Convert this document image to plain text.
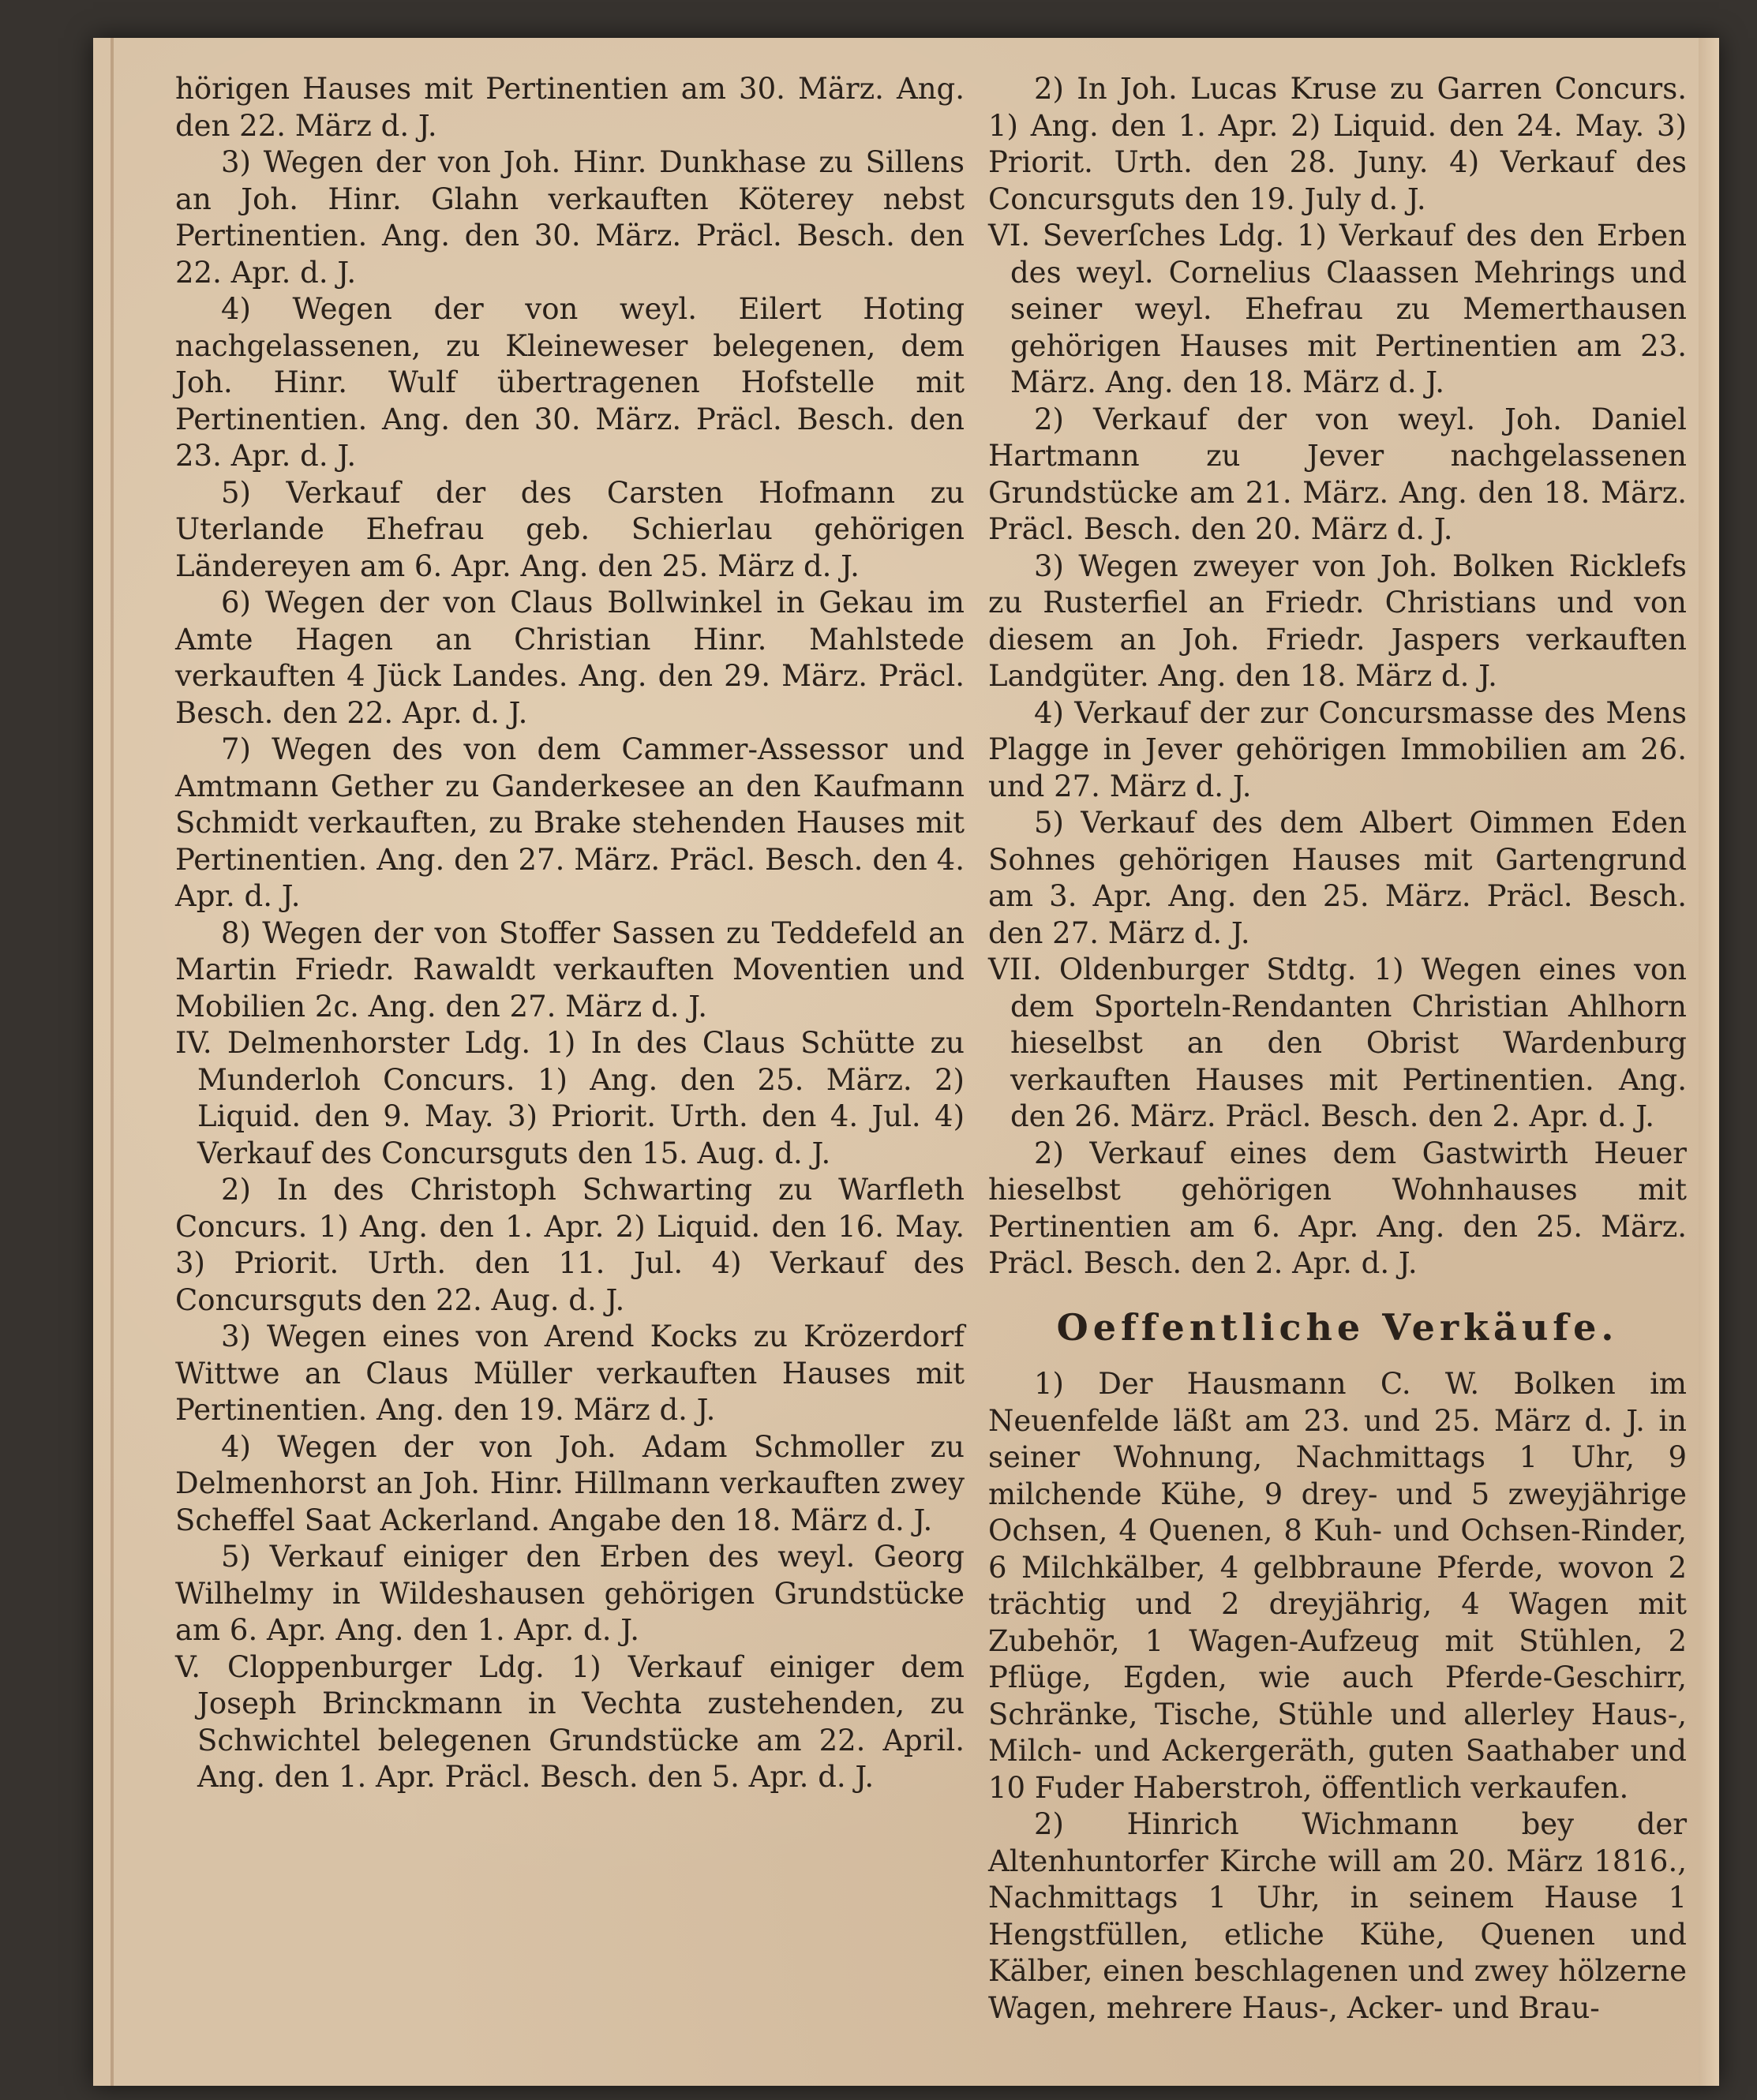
hörigen Hauses mit Pertinentien am 30. März. Ang. den 22. März d. J.

3) Wegen der von Joh. Hinr. Dunkhase zu Sillens an Joh. Hinr. Glahn verkauften Köterey nebst Pertinentien. Ang. den 30. März. Präcl. Besch. den 22. Apr. d. J.

4) Wegen der von weyl. Eilert Hoting nachgelassenen, zu Kleineweser belegenen, dem Joh. Hinr. Wulf übertragenen Hofstelle mit Pertinentien. Ang. den 30. März. Präcl. Besch. den 23. Apr. d. J.

5) Verkauf der des Carsten Hofmann zu Uterlande Ehefrau geb. Schierlau gehörigen Ländereyen am 6. Apr. Ang. den 25. März d. J.

6) Wegen der von Claus Bollwinkel in Gekau im Amte Hagen an Christian Hinr. Mahlstede verkauften 4 Jück Landes. Ang. den 29. März. Präcl. Besch. den 22. Apr. d. J.

7) Wegen des von dem Cammer-Assessor und Amtmann Gether zu Ganderkesee an den Kaufmann Schmidt verkauften, zu Brake stehenden Hauses mit Pertinentien. Ang. den 27. März. Präcl. Besch. den 4. Apr. d. J.

8) Wegen der von Stoffer Sassen zu Teddefeld an Martin Friedr. Rawaldt verkauften Moventien und Mobilien 2c. Ang. den 27. März d. J.

IV. Delmenhorster Ldg. 1) In des Claus Schütte zu Munderloh Concurs. 1) Ang. den 25. März. 2) Liquid. den 9. May. 3) Priorit. Urth. den 4. Jul. 4) Verkauf des Concursguts den 15. Aug. d. J.

2) In des Christoph Schwarting zu Warfleth Concurs. 1) Ang. den 1. Apr. 2) Liquid. den 16. May. 3) Priorit. Urth. den 11. Jul. 4) Verkauf des Concursguts den 22. Aug. d. J.

3) Wegen eines von Arend Kocks zu Krözerdorf Wittwe an Claus Müller verkauften Hauses mit Pertinentien. Ang. den 19. März d. J.

4) Wegen der von Joh. Adam Schmoller zu Delmenhorst an Joh. Hinr. Hillmann verkauften zwey Scheffel Saat Ackerland. Angabe den 18. März d. J.

5) Verkauf einiger den Erben des weyl. Georg Wilhelmy in Wildeshausen gehörigen Grundstücke am 6. Apr. Ang. den 1. Apr. d. J.

V. Cloppenburger Ldg. 1) Verkauf einiger dem Joseph Brinckmann in Vechta zustehenden, zu Schwichtel belegenen Grundstücke am 22. April. Ang. den 1. Apr. Präcl. Besch. den 5. Apr. d. J.

2) In Joh. Lucas Kruse zu Garren Concurs. 1) Ang. den 1. Apr. 2) Liquid. den 24. May. 3) Priorit. Urth. den 28. Juny. 4) Verkauf des Concursguts den 19. July d. J.

VI. Severſches Ldg. 1) Verkauf des den Erben des weyl. Cornelius Claassen Mehrings und seiner weyl. Ehefrau zu Memerthausen gehörigen Hauses mit Pertinentien am 23. März. Ang. den 18. März d. J.

2) Verkauf der von weyl. Joh. Daniel Hartmann zu Jever nachgelassenen Grundstücke am 21. März. Ang. den 18. März. Präcl. Besch. den 20. März d. J.

3) Wegen zweyer von Joh. Bolken Ricklefs zu Rusterfiel an Friedr. Christians und von diesem an Joh. Friedr. Jaspers verkauften Landgüter. Ang. den 18. März d. J.

4) Verkauf der zur Concursmasse des Mens Plagge in Jever gehörigen Immobilien am 26. und 27. März d. J.

5) Verkauf des dem Albert Oimmen Eden Sohnes gehörigen Hauses mit Gartengrund am 3. Apr. Ang. den 25. März. Präcl. Besch. den 27. März d. J.

VII. Oldenburger Stdtg. 1) Wegen eines von dem Sporteln-Rendanten Christian Ahlhorn hieselbst an den Obrist Wardenburg verkauften Hauses mit Pertinentien. Ang. den 26. März. Präcl. Besch. den 2. Apr. d. J.

2) Verkauf eines dem Gastwirth Heuer hieselbst gehörigen Wohnhauses mit Pertinentien am 6. Apr. Ang. den 25. März. Präcl. Besch. den 2. Apr. d. J.

Oeffentliche Verkäufe.

1) Der Hausmann C. W. Bolken im Neuenfelde läßt am 23. und 25. März d. J. in seiner Wohnung, Nachmittags 1 Uhr, 9 milchende Kühe, 9 drey- und 5 zweyjährige Ochsen, 4 Quenen, 8 Kuh- und Ochsen-Rinder, 6 Milchkälber, 4 gelbbraune Pferde, wovon 2 trächtig und 2 dreyjährig, 4 Wagen mit Zubehör, 1 Wagen-Aufzeug mit Stühlen, 2 Pflüge, Egden, wie auch Pferde-Geschirr, Schränke, Tische, Stühle und allerley Haus-, Milch- und Ackergeräth, guten Saathaber und 10 Fuder Haberstroh, öffentlich verkaufen.

2) Hinrich Wichmann bey der Altenhuntorfer Kirche will am 20. März 1816., Nachmittags 1 Uhr, in seinem Hause 1 Hengstfüllen, etliche Kühe, Quenen und Kälber, einen beschlagenen und zwey hölzerne Wagen, mehrere Haus-, Acker- und Brau-
